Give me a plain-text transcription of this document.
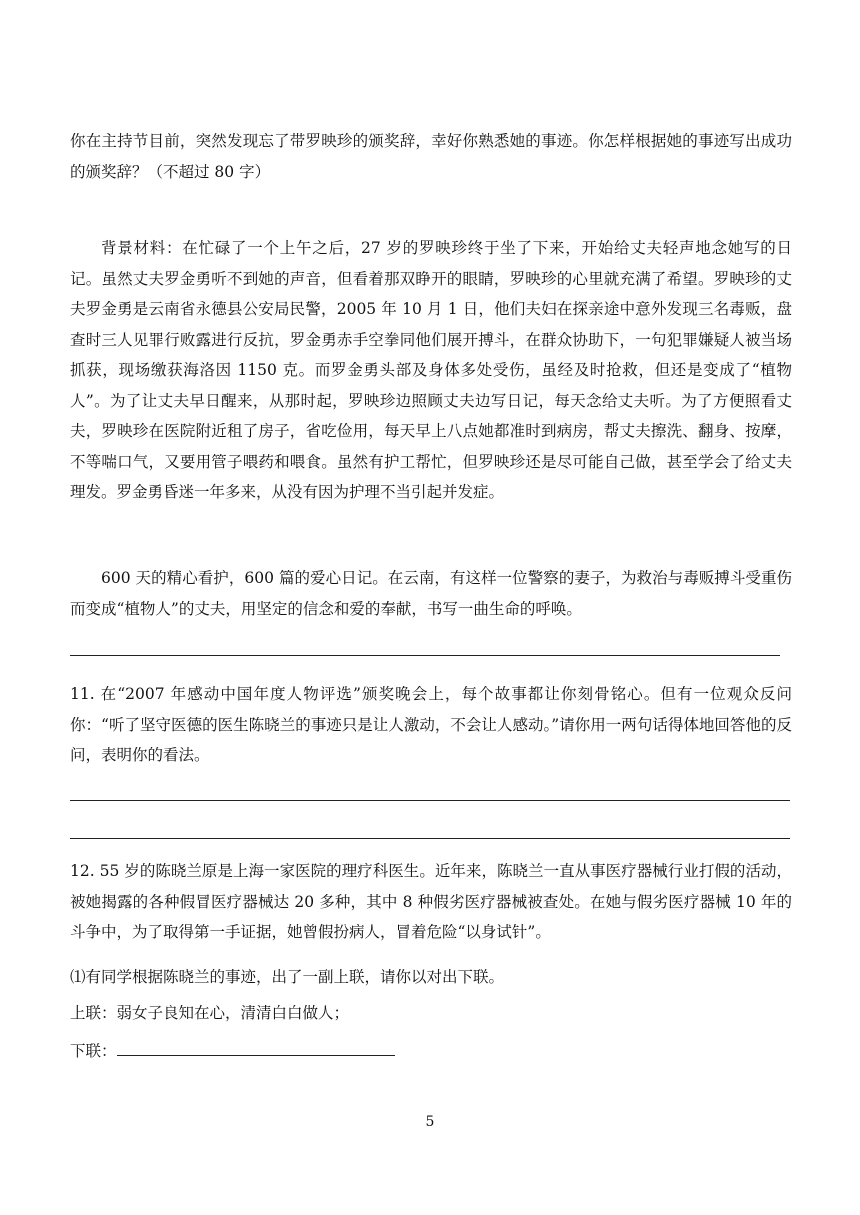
你在主持节目前，突然发现忘了带罗映珍的颁奖辞，幸好你熟悉她的事迹。你怎样根据她的事迹写出成功的颁奖辞？（不超过 80 字）

背景材料：在忙碌了一个上午之后，27 岁的罗映珍终于坐了下来，开始给丈夫轻声地念她写的日记。虽然丈夫罗金勇听不到她的声音，但看着那双睁开的眼睛，罗映珍的心里就充满了希望。罗映珍的丈夫罗金勇是云南省永德县公安局民警，2005 年 10 月 1 日，他们夫妇在探亲途中意外发现三名毒贩，盘查时三人见罪行败露进行反抗，罗金勇赤手空拳同他们展开搏斗，在群众协助下，一句犯罪嫌疑人被当场抓获，现场缴获海洛因 1150 克。而罗金勇头部及身体多处受伤，虽经及时抢救，但还是变成了“植物人”。为了让丈夫早日醒来，从那时起，罗映珍边照顾丈夫边写日记，每天念给丈夫听。为了方便照看丈夫，罗映珍在医院附近租了房子，省吃俭用，每天早上八点她都准时到病房，帮丈夫擦洗、翻身、按摩，不等喘口气，又要用管子喂药和喂食。虽然有护工帮忙，但罗映珍还是尽可能自己做，甚至学会了给丈夫理发。罗金勇昏迷一年多来，从没有因为护理不当引起并发症。

600 天的精心看护，600 篇的爱心日记。在云南，有这样一位警察的妻子，为救治与毒贩搏斗受重伤而变成“植物人”的丈夫，用坚定的信念和爱的奉献，书写一曲生命的呼唤。

11. 在“2007 年感动中国年度人物评选”颁奖晚会上，每个故事都让你刻骨铭心。但有一位观众反问你：“听了坚守医德的医生陈晓兰的事迹只是让人激动，不会让人感动。”请你用一两句话得体地回答他的反问，表明你的看法。

12. 55 岁的陈晓兰原是上海一家医院的理疗科医生。近年来，陈晓兰一直从事医疗器械行业打假的活动，被她揭露的各种假冒医疗器械达 20 多种，其中 8 种假劣医疗器械被查处。在她与假劣医疗器械 10 年的斗争中，为了取得第一手证据，她曾假扮病人，冒着危险“以身试针”。

⑴有同学根据陈晓兰的事迹，出了一副上联，请你以对出下联。

上联：弱女子良知在心，清清白白做人；

下联：

5
